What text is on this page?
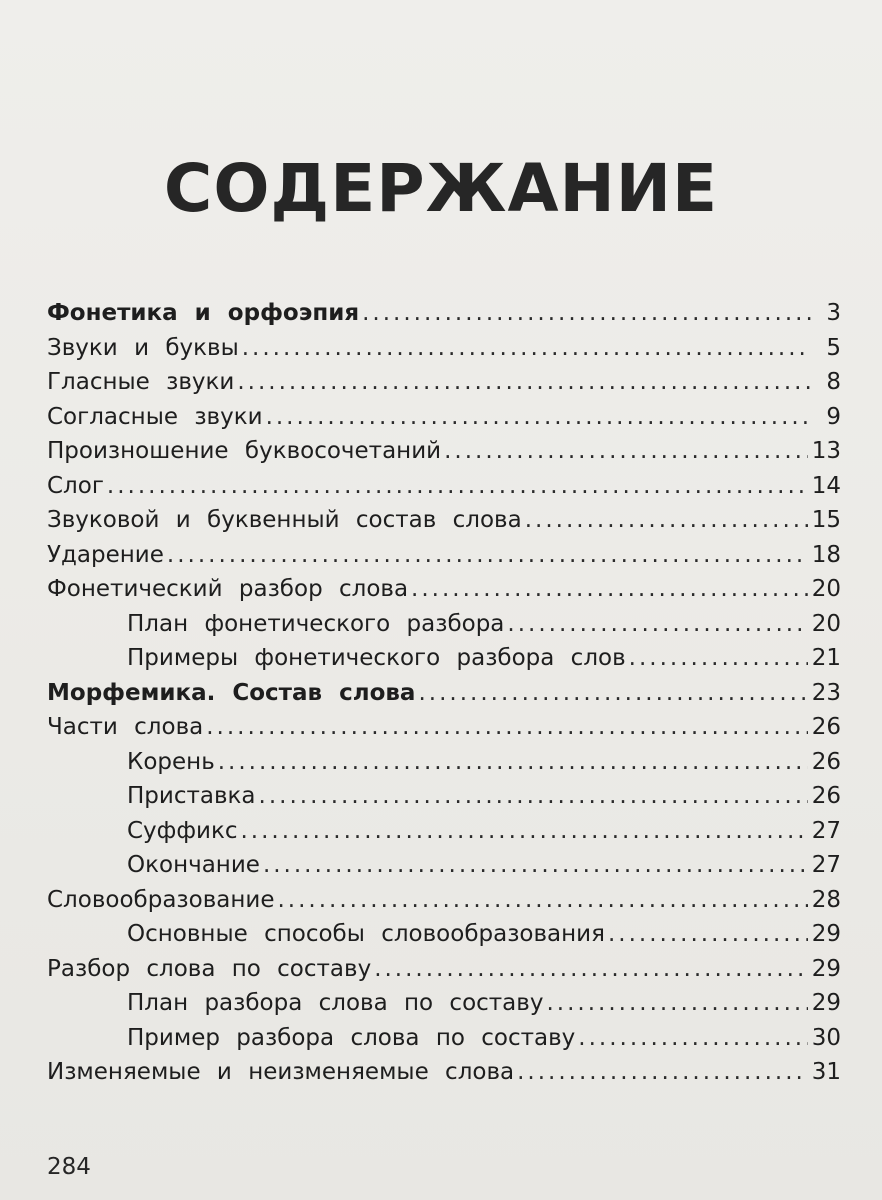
СОДЕРЖАНИЕ
Фонетика и орфоэпия .....	3
Звуки и буквы .....	5
Гласные звуки .....	8
Согласные звуки .....	9
Произношение буквосочетаний .....	13
Слог .....	14
Звуковой и буквенный состав слова .....	15
Ударение .....	18
Фонетический разбор слова .....	20
План фонетического разбора .....	20
Примеры фонетического разбора слов .....	21
Морфемика. Состав слова .....	23
Части слова .....	26
Корень .....	26
Приставка .....	26
Суффикс .....	27
Окончание .....	27
Словообразование .....	28
Основные способы словообразования .....	29
Разбор слова по составу .....	29
План разбора слова по составу .....	29
Пример разбора слова по составу .....	30
Изменяемые и неизменяемые слова .....	31
284
